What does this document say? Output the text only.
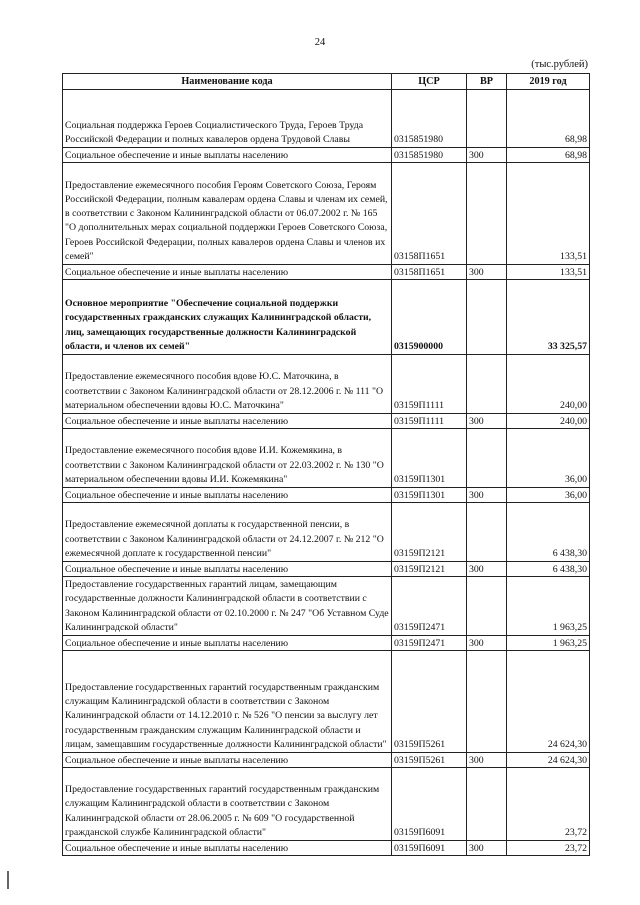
24
(тыс.рублей)
Наименование кода	ЦСР	ВР	2019 год
Социальная поддержка Героев Социалистического Труда, Героев Труда Российской Федерации и полных кавалеров ордена Трудовой Славы	0315851980		68,98
Социальное обеспечение и иные выплаты населению	0315851980	300	68,98
Предоставление ежемесячного пособия Героям Советского Союза, Героям Российской Федерации, полным кавалерам ордена Славы и членам их семей, в соответствии с Законом Калининградской области от 06.07.2002 г. № 165 "О дополнительных мерах социальной поддержки Героев Советского Союза, Героев Российской Федерации, полных кавалеров ордена Славы и членов их семей"	03158П1651		133,51
Социальное обеспечение и иные выплаты населению	03158П1651	300	133,51
Основное мероприятие "Обеспечение социальной поддержки государственных гражданских служащих Калининградской области, лиц, замещающих государственные должности Калининградской области, и членов их семей"	0315900000		33 325,57
Предоставление ежемесячного пособия вдове Ю.С. Маточкина, в соответствии с Законом Калининградской области от 28.12.2006 г. № 111 "О материальном обеспечении вдовы Ю.С. Маточкина"	03159П1111		240,00
Социальное обеспечение и иные выплаты населению	03159П1111	300	240,00
Предоставление ежемесячного пособия вдове И.И. Кожемякина, в соответствии с Законом Калининградской области от 22.03.2002 г. № 130 "О материальном обеспечении вдовы И.И. Кожемякина"	03159П1301		36,00
Социальное обеспечение и иные выплаты населению	03159П1301	300	36,00
Предоставление ежемесячной доплаты к государственной пенсии, в соответствии с Законом Калининградской области от 24.12.2007 г. № 212 "О ежемесячной доплате к государственной пенсии"	03159П2121		6 438,30
Социальное обеспечение и иные выплаты населению	03159П2121	300	6 438,30
Предоставление государственных гарантий лицам, замещающим государственные должности Калининградской области в соответствии с Законом Калининградской области от 02.10.2000 г. № 247 "Об Уставном Суде Калининградской области"	03159П2471		1 963,25
Социальное обеспечение и иные выплаты населению	03159П2471	300	1 963,25
Предоставление государственных гарантий государственным гражданским служащим Калининградской области в соответствии с Законом Калининградской области от 14.12.2010 г. № 526 "О пенсии за выслугу лет государственным гражданским служащим Калининградской области и лицам, замещавшим государственные должности Калининградской области"	03159П5261		24 624,30
Социальное обеспечение и иные выплаты населению	03159П5261	300	24 624,30
Предоставление государственных гарантий государственным гражданским служащим Калининградской области в соответствии с Законом Калининградской области от 28.06.2005 г. № 609 "О государственной гражданской службе Калининградской области"	03159П6091		23,72
Социальное обеспечение и иные выплаты населению	03159П6091	300	23,72
